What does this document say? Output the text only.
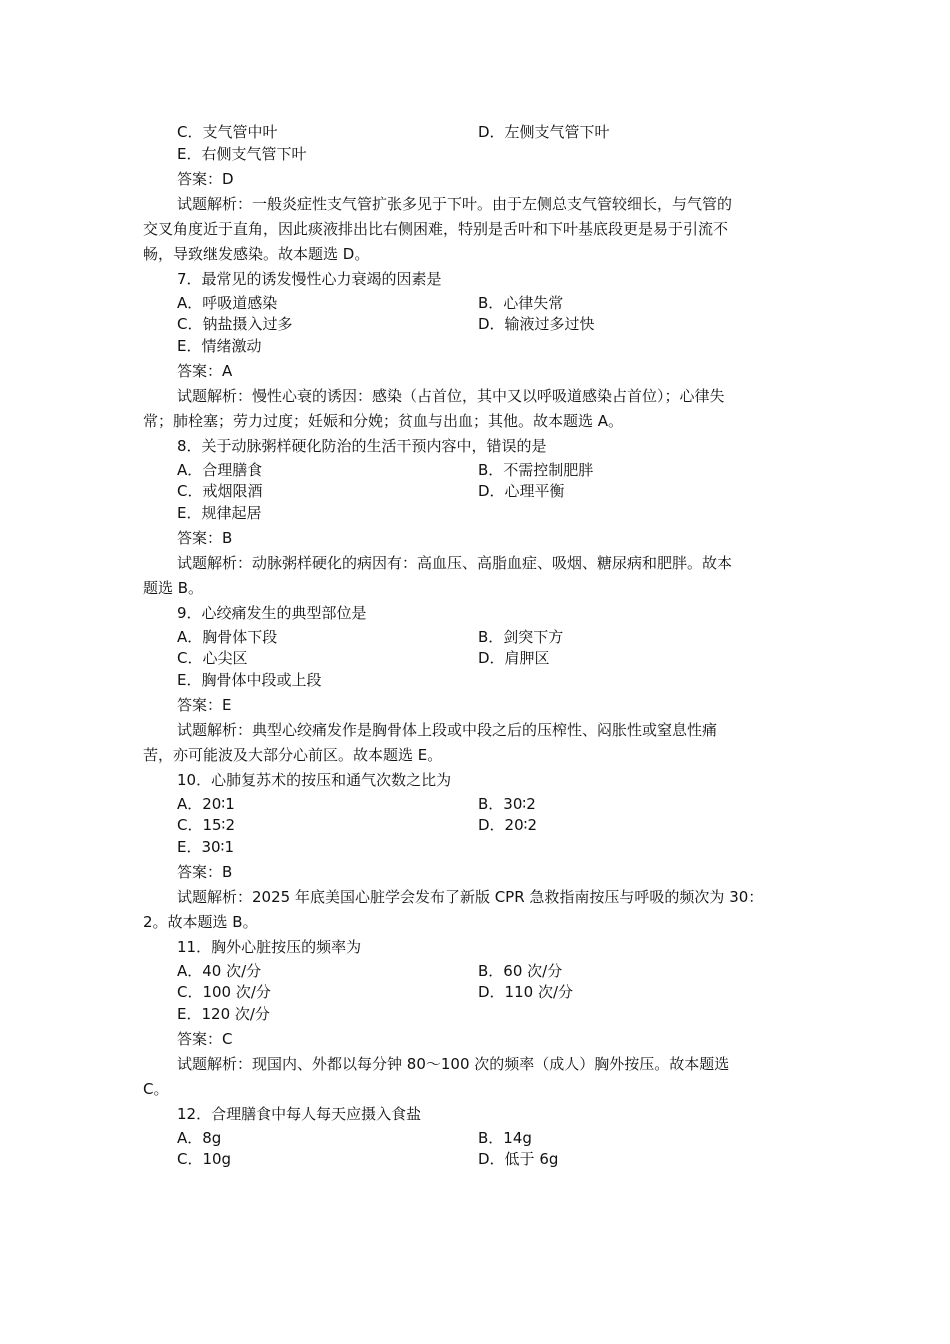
C．支气管中叶	D．左侧支气管下叶
E．右侧支气管下叶
答案：D
试题解析：一般炎症性支气管扩张多见于下叶。由于左侧总支气管较细长，与气管的
交叉角度近于直角，因此痰液排出比右侧困难，特别是舌叶和下叶基底段更是易于引流不
畅，导致继发感染。故本题选 D。
7．最常见的诱发慢性心力衰竭的因素是
A．呼吸道感染	B．心律失常
C．钠盐摄入过多	D．输液过多过快
E．情绪激动
答案：A
试题解析：慢性心衰的诱因：感染（占首位，其中又以呼吸道感染占首位）；心律失
常；肺栓塞；劳力过度；妊娠和分娩；贫血与出血；其他。故本题选 A。
8．关于动脉粥样硬化防治的生活干预内容中，错误的是
A．合理膳食	B．不需控制肥胖
C．戒烟限酒	D．心理平衡
E．规律起居
答案：B
试题解析：动脉粥样硬化的病因有：高血压、高脂血症、吸烟、糖尿病和肥胖。故本
题选 B。
9．心绞痛发生的典型部位是
A．胸骨体下段	B．剑突下方
C．心尖区	D．肩胛区
E．胸骨体中段或上段
答案：E
试题解析：典型心绞痛发作是胸骨体上段或中段之后的压榨性、闷胀性或窒息性痛
苦，亦可能波及大部分心前区。故本题选 E。
10．心肺复苏术的按压和通气次数之比为
A．20∶1	B．30∶2
C．15∶2	D．20∶2
E．30∶1
答案：B
试题解析：2025 年底美国心脏学会发布了新版 CPR 急救指南按压与呼吸的频次为 30：
2。故本题选 B。
11．胸外心脏按压的频率为
A．40 次/分	B．60 次/分
C．100 次/分	D．110 次/分
E．120 次/分
答案：C
试题解析：现国内、外都以每分钟 80～100 次的频率（成人）胸外按压。故本题选
C。
12．合理膳食中每人每天应摄入食盐
A．8g	B．14g
C．10g	D．低于 6g
